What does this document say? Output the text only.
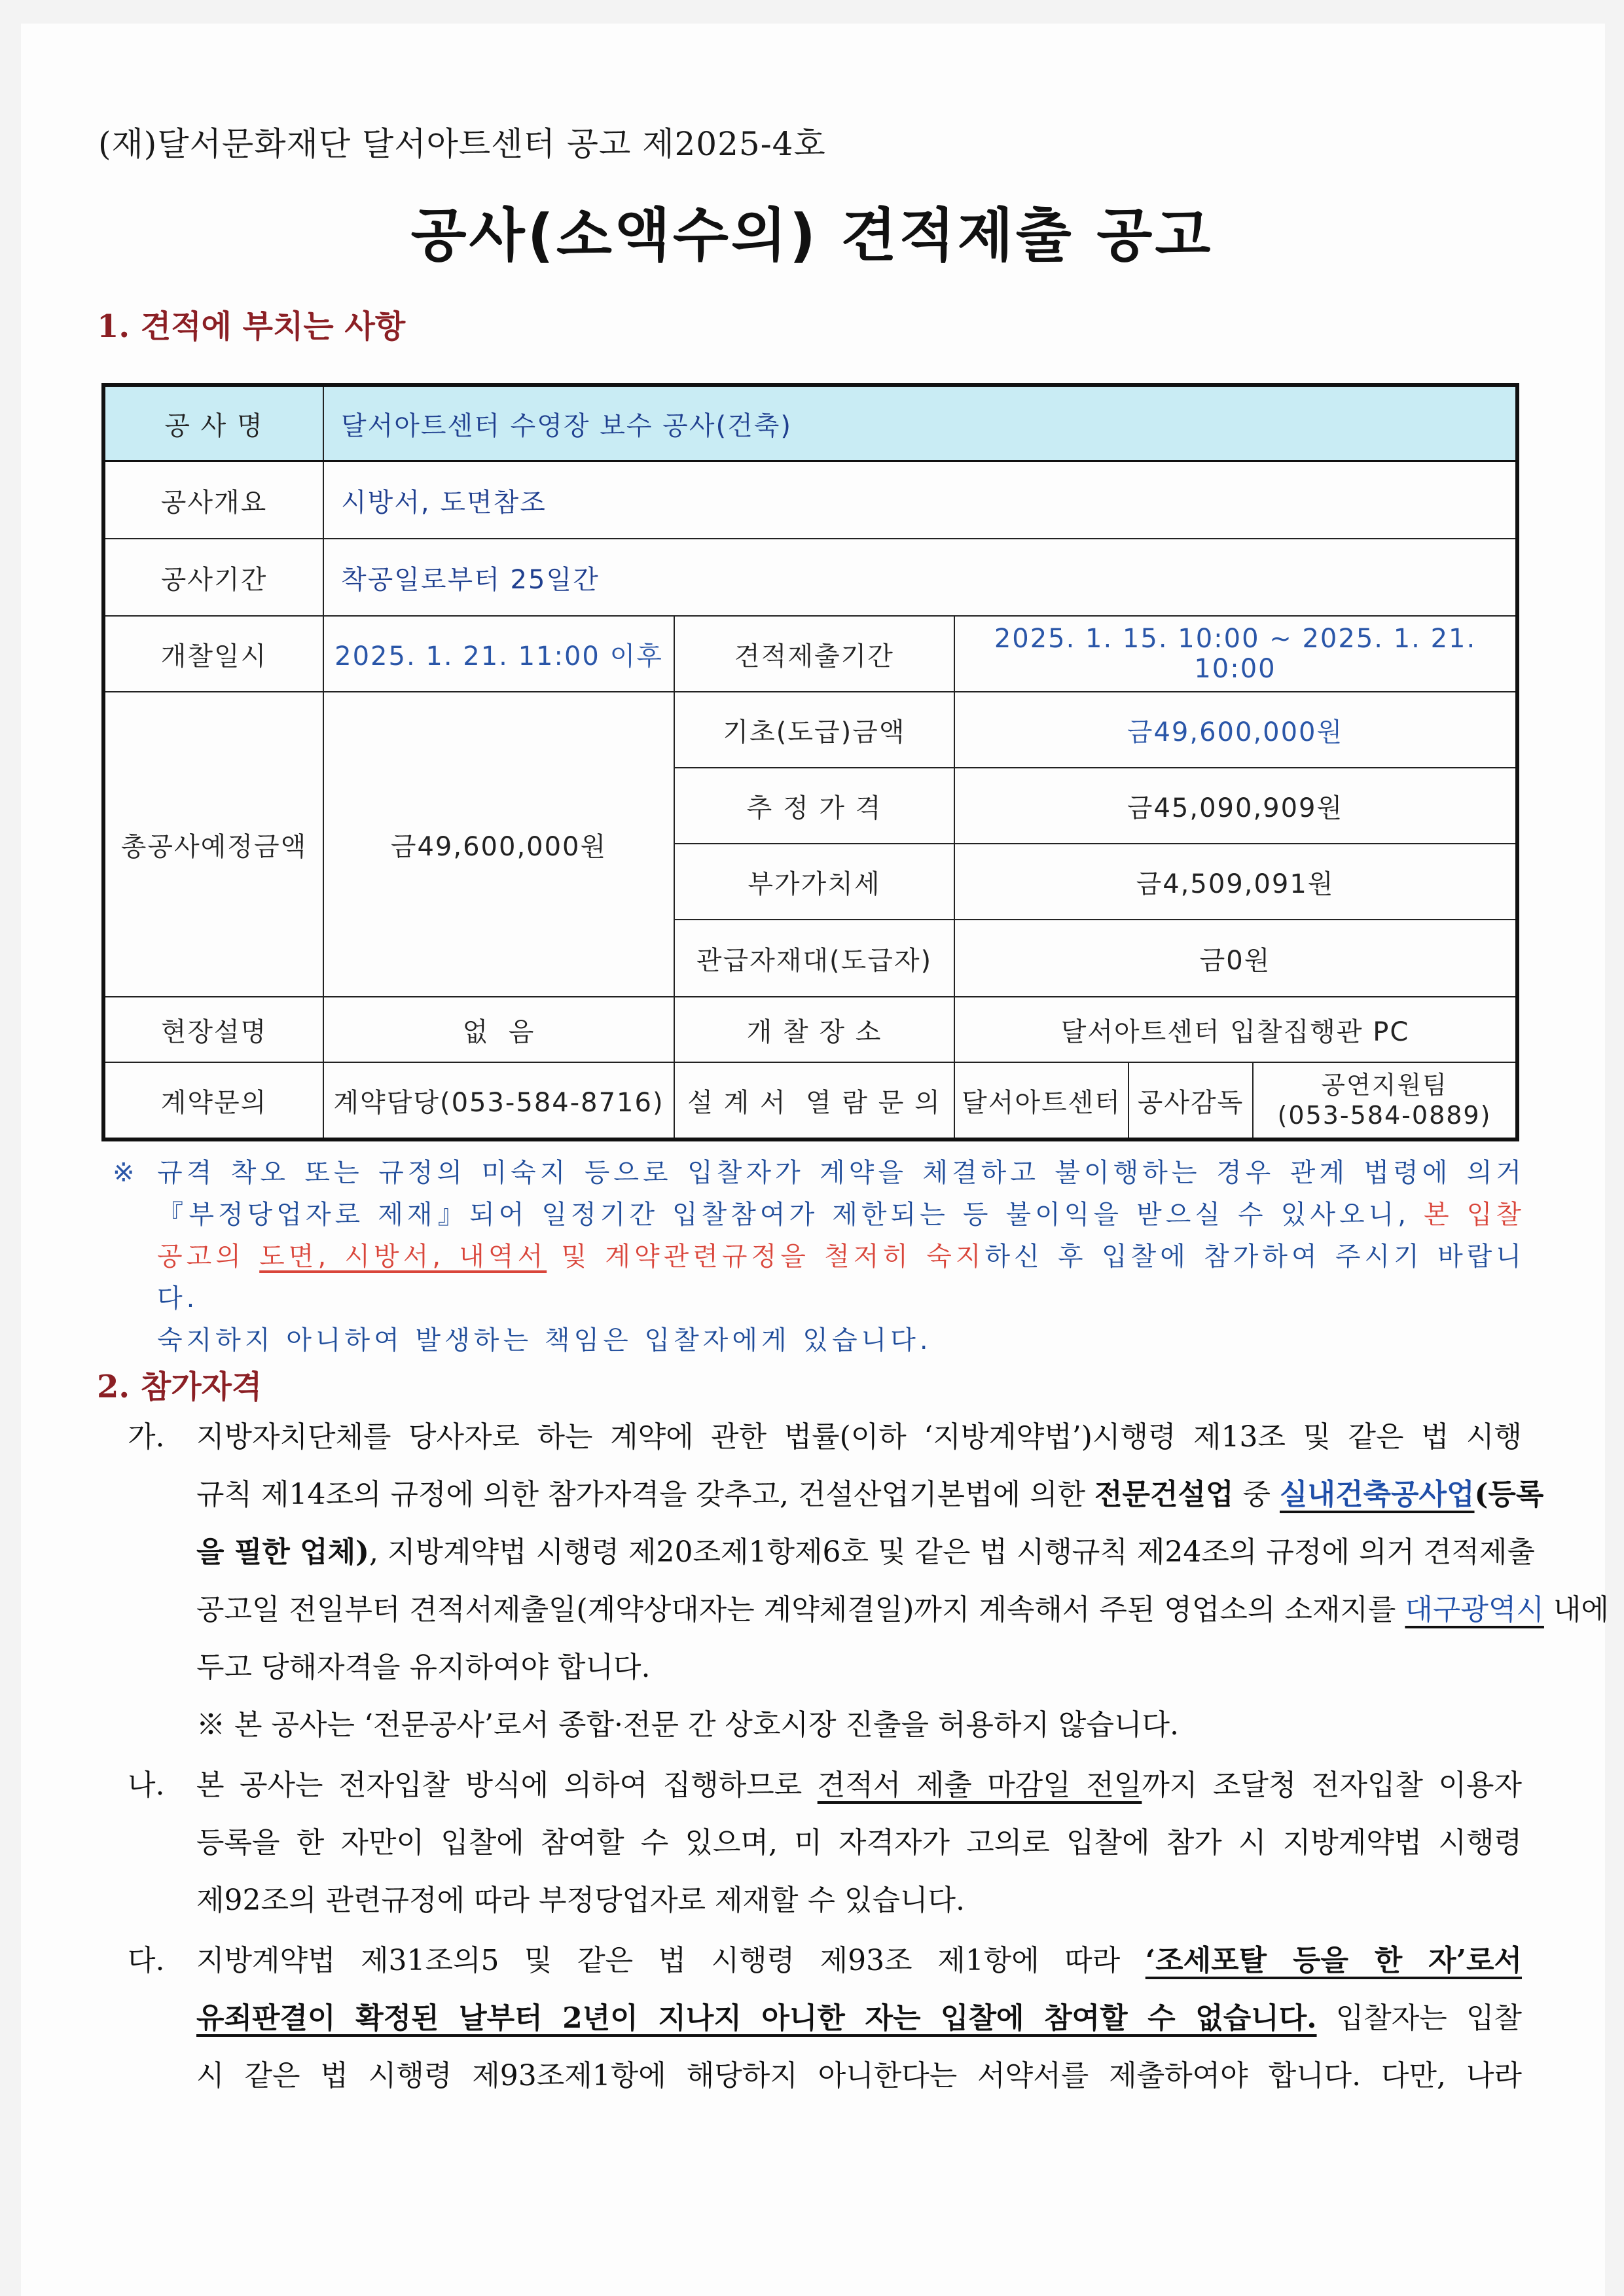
(재)달서문화재단 달서아트센터 공고 제2025-4호
공사(소액수의) 견적제출 공고
1. 견적에 부치는 사항
공 사 명	달서아트센터 수영장 보수 공사(건축)				
공사개요	시방서, 도면참조				
공사기간	착공일로부터 25일간				
개찰일시	2025. 1. 21. 11:00 이후	견적제출기간	2025. 1. 15. 10:00 ~ 2025. 1. 21. 10:00		
총공사예정금액	금49,600,000원	기초(도급)금액	금49,600,000원		
		추 정 가 격	금45,090,909원		
		부가가치세	금4,509,091원		
		관급자재대(도급자)	금0원		
현장설명	없  음	개 찰 장 소	달서아트센터 입찰집행관 PC		
계약문의	계약담당(053-584-8716)	설 계 서  열 람 문 의	달서아트센터	공사감독	공연지원팀
(053-584-0889)
※ 규격 착오 또는 규정의 미숙지 등으로 입찰자가 계약을 체결하고 불이행하는 경우 관계 법령에 의거

『부정당업자로 제재』되어 일정기간 입찰참여가 제한되는 등 불이익을 받으실 수 있사오니, 본 입찰

공고의 도면, 시방서, 내역서 및 계약관련규정을 철저히 숙지하신 후 입찰에 참가하여 주시기 바랍니다.

숙지하지 아니하여 발생하는 책임은 입찰자에게 있습니다.

2. 참가자격
가. 지방자치단체를 당사자로 하는 계약에 관한 법률(이하 ‘지방계약법’)시행령 제13조 및 같은 법 시행
규칙 제14조의 규정에 의한 참가자격을 갖추고, 건설산업기본법에 의한 전문건설업 중 실내건축공사업(등록
을 필한 업체), 지방계약법 시행령 제20조제1항제6호 및 같은 법 시행규칙 제24조의 규정에 의거 견적제출
공고일 전일부터 견적서제출일(계약상대자는 계약체결일)까지 계속해서 주된 영업소의 소재지를 대구광역시 내에
두고 당해자격을 유지하여야 합니다.
※ 본 공사는 ‘전문공사’로서 종합·전문 간 상호시장 진출을 허용하지 않습니다.
나. 본 공사는 전자입찰 방식에 의하여 집행하므로 견적서 제출 마감일 전일까지 조달청 전자입찰 이용자
등록을 한 자만이 입찰에 참여할 수 있으며, 미 자격자가 고의로 입찰에 참가 시 지방계약법 시행령
제92조의 관련규정에 따라 부정당업자로 제재할 수 있습니다.
다. 지방계약법 제31조의5 및 같은 법 시행령 제93조 제1항에 따라 ‘조세포탈 등을 한 자’로서
유죄판결이 확정된 날부터 2년이 지나지 아니한 자는 입찰에 참여할 수 없습니다. 입찰자는 입찰
시 같은 법 시행령 제93조제1항에 해당하지 아니한다는 서약서를 제출하여야 합니다. 다만, 나라
